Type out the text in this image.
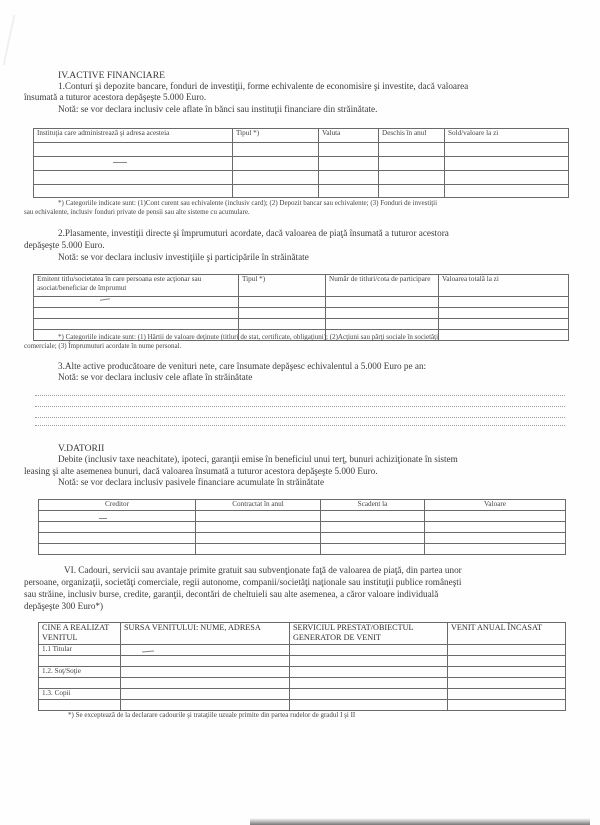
IV.ACTIVE FINANCIARE
1.Conturi şi depozite bancare, fonduri de investiţii, forme echivalente de economisire şi investite, dacă valoarea
însumată a tuturor acestora depăşeşte 5.000 Euro.
Notă: se vor declara inclusiv cele aflate în bănci sau instituţii financiare din străinătate.
Instituţia care administrează şi adresa acesteia	Tipul *)	Valuta	Deschis în anul	Sold/valoare la zi

*) Categoriile indicate sunt: (1)Cont curent sau echivalente (inclusiv card); (2) Depozit bancar sau echivalente; (3) Fonduri de investiţii
sau echivalente, inclusiv fonduri private de pensii sau alte sisteme cu acumulare.
2.Plasamente, investiţii directe şi împrumuturi acordate, dacă valoarea de piaţă însumată a tuturor acestora
depăşeşte 5.000 Euro.
Notă: se vor declara inclusiv investiţiile şi participările în străinătate
Emitent titlu/societatea în care persoana este acţionar sau asociat/beneficiar de împrumut	Tipul *)	Număr de titluri/cota de participare	Valoarea totală la zi

*) Categoriile indicate sunt: (1) Hârtii de valoare deţinute (titluri de stat, certificate, obligaţiuni); (2)Acţiuni sau părţi sociale în societăţi
comerciale; (3) Împrumuturi acordate în nume personal.
3.Alte active producătoare de venituri nete, care însumate depăşesc echivalentul a 5.000 Euro pe an:
Notă: se vor declara inclusiv cele aflate în străinătate
V.DATORII
Debite (inclusiv taxe neachitate), ipoteci, garanţii emise în beneficiul unui terţ, bunuri achiziţionate în sistem
leasing şi alte asemenea bunuri, dacă valoarea însumată a tuturor acestora depăşeşte 5.000 Euro.
Notă: se vor declara inclusiv pasivele financiare acumulate în străinătate
Creditor	Contractat în anul	Scadent la	Valoare

VI. Cadouri, servicii sau avantaje primite gratuit sau subvenţionate faţă de valoarea de piaţă, din partea unor
persoane, organizaţii, societăţi comerciale, regii autonome, companii/societăţi naţionale sau instituţii publice româneşti
sau străine, inclusiv burse, credite, garanţii, decontări de cheltuieli sau alte asemenea, a căror valoare individuală
depăşeşte 300 Euro*)
CINE A REALIZAT VENITUL	SURSA VENITULUI: NUME, ADRESA	SERVICIUL PRESTAT/OBIECTUL GENERATOR DE VENIT	VENIT ANUAL ÎNCASAT
1.1 Titular			

1.2. Soţ/Soţie			

1.3. Copii			

*) Se exceptează de la declarare cadourile şi trataţiile uzuale primite din partea rudelor de gradul I şi II
